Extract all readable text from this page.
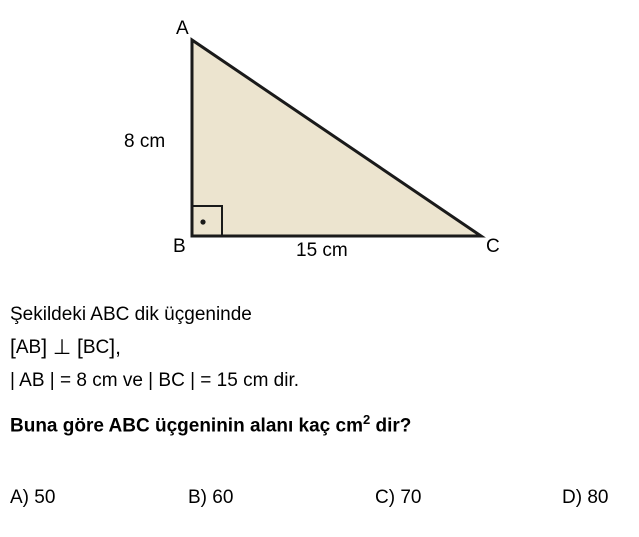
A
B	C
8 cm
15 cm

Şekildeki ABC dik üçgeninde

[AB] ⊥ [BC],

| AB | = 8 cm ve | BC | = 15 cm dir.

Buna göre ABC üçgeninin alanı kaç $cm^2$ dir?

A) 50	B) 60	C) 70	D) 80
